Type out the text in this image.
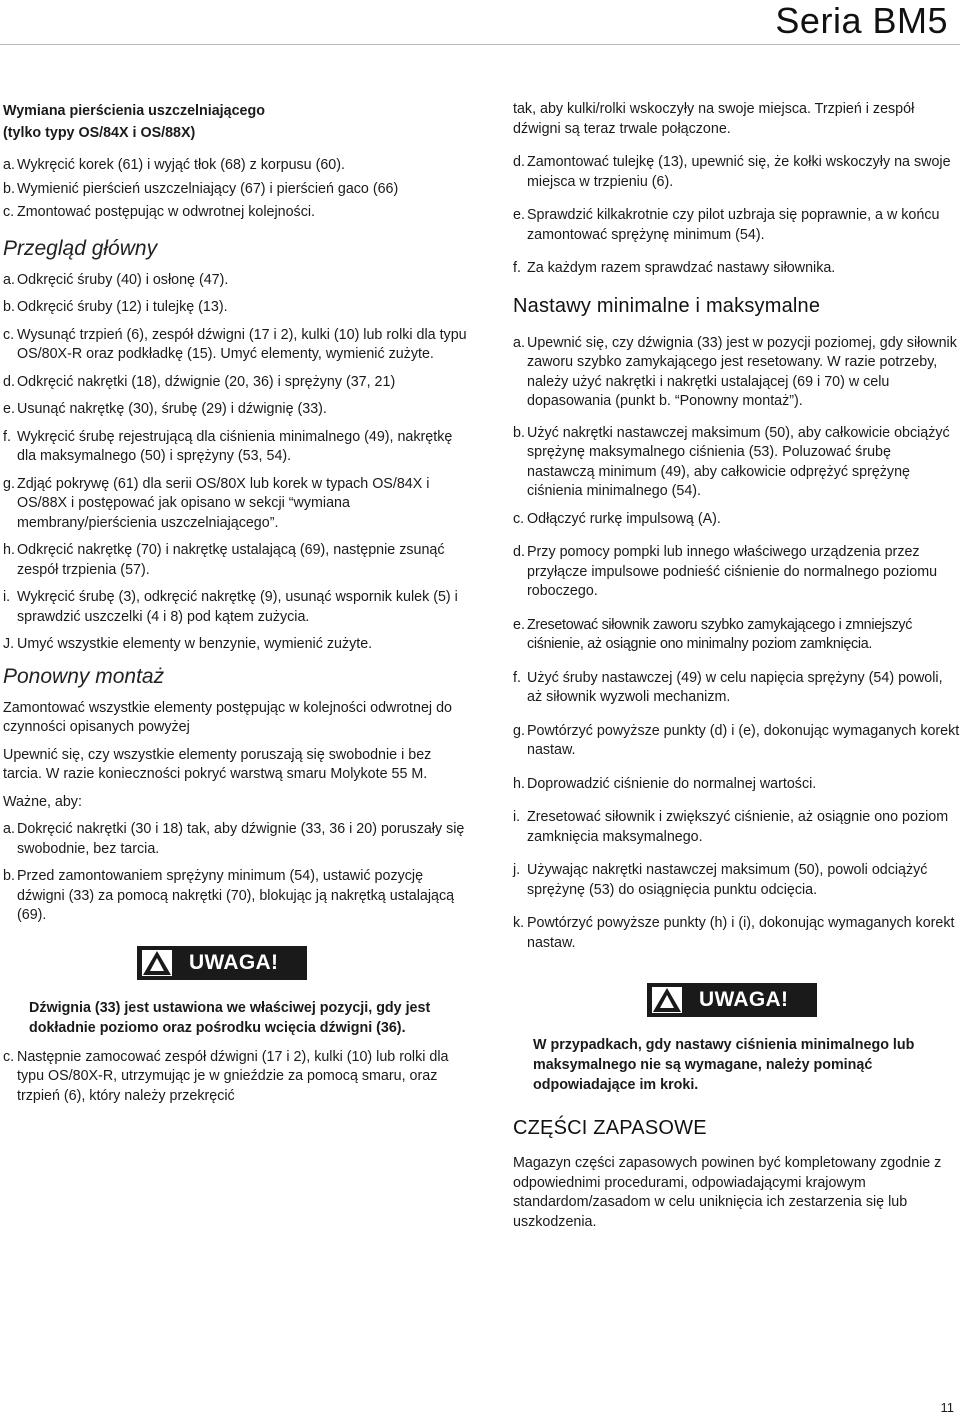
Seria BM5
Wymiana pierścienia uszczelniającego
(tylko typy OS/84X i OS/88X)
a. Wykręcić korek (61) i wyjąć tłok (68) z korpusu (60).
b. Wymienić pierścień uszczelniający (67) i pierścień gaco (66)
c. Zmontować postępując w odwrotnej kolejności.
Przegląd główny
a. Odkręcić śruby (40) i osłonę (47).
b. Odkręcić śruby (12) i tulejkę (13).
c. Wysunąć trzpień (6), zespół dźwigni (17 i 2), kulki (10) lub rolki dla typu OS/80X-R oraz podkładkę (15). Umyć elementy, wymienić zużyte.
d. Odkręcić nakrętki (18), dźwignie (20, 36) i sprężyny (37, 21)
e. Usunąć nakrętkę (30), śrubę (29) i dźwignię (33).
f. Wykręcić śrubę rejestrującą dla ciśnienia minimalnego (49), nakrętkę dla maksymalnego (50) i sprężyny (53, 54).
g. Zdjąć pokrywę (61) dla serii OS/80X lub korek w typach OS/84X i OS/88X i postępować jak opisano w sekcji “wymiana membrany/pierścienia uszczelniającego”.
h. Odkręcić nakrętkę (70) i nakrętkę ustalającą (69), następnie zsunąć zespół trzpienia (57).
i. Wykręcić śrubę (3), odkręcić nakrętkę (9), usunąć wspornik kulek (5) i sprawdzić uszczelki (4 i 8) pod kątem zużycia.
J. Umyć wszystkie elementy w benzynie, wymienić zużyte.
Ponowny montaż

Zamontować wszystkie elementy postępując w kolejności odwrotnej do czynności opisanych powyżej

Upewnić się, czy wszystkie elementy poruszają się swobodnie i bez tarcia. W razie konieczności pokryć warstwą smaru Molykote 55 M.

Ważne, aby:

a. Dokręcić nakrętki (30 i 18) tak, aby dźwignie (33, 36 i 20) poruszały się swobodnie, bez tarcia.
b. Przed zamontowaniem sprężyny minimum (54), ustawić pozycję dźwigni (33) za pomocą nakrętki (70), blokując ją nakrętką ustalającą (69).
UWAGA!
Dźwignia (33) jest ustawiona we właściwej pozycji, gdy jest dokładnie poziomo oraz pośrodku wcięcia dźwigni (36).
c. Następnie zamocować zespół dźwigni (17 i 2), kulki (10) lub rolki dla typu OS/80X-R, utrzymując je w gnieździe za pomocą smaru, oraz trzpień (6), który należy przekręcić

tak, aby kulki/rolki wskoczyły na swoje miejsca. Trzpień i zespół dźwigni są teraz trwale połączone.

d. Zamontować tulejkę (13), upewnić się, że kołki wskoczyły na swoje miejsca w trzpieniu (6).
e. Sprawdzić kilkakrotnie czy pilot uzbraja się poprawnie, a w końcu zamontować sprężynę minimum (54).
f. Za każdym razem sprawdzać nastawy siłownika.
Nastawy minimalne i maksymalne
a. Upewnić się, czy dźwignia (33) jest w pozycji poziomej, gdy siłownik zaworu szybko zamykającego jest resetowany. W razie potrzeby, należy użyć nakrętki i nakrętki ustalającej (69 i 70) w celu dopasowania (punkt b. “Ponowny montaż”).
b. Użyć nakrętki nastawczej maksimum (50), aby całkowicie obciążyć sprężynę maksymalnego ciśnienia (53). Poluzować śrubę nastawczą minimum (49), aby całkowicie odprężyć sprężynę ciśnienia minimalnego (54).
c. Odłączyć rurkę impulsową (A).
d. Przy pomocy pompki lub innego właściwego urządzenia przez przyłącze impulsowe podnieść ciśnienie do normalnego poziomu roboczego.
e. Zresetować siłownik zaworu szybko zamykającego i zmniejszyć ciśnienie, aż osiągnie ono minimalny poziom zamknięcia.
f. Użyć śruby nastawczej (49) w celu napięcia sprężyny (54) powoli, aż siłownik wyzwoli mechanizm.
g. Powtórzyć powyższe punkty (d) i (e), dokonując wymaganych korekt nastaw.
h. Doprowadzić ciśnienie do normalnej wartości.
i. Zresetować siłownik i zwiększyć ciśnienie, aż osiągnie ono poziom zamknięcia maksymalnego.
j. Używając nakrętki nastawczej maksimum (50), powoli odciążyć sprężynę (53) do osiągnięcia punktu odcięcia.
k. Powtórzyć powyższe punkty (h) i (i), dokonując wymaganych korekt nastaw.
UWAGA!
W przypadkach, gdy nastawy ciśnienia minimalnego lub maksymalnego nie są wymagane, należy pominąć odpowiadające im kroki.
CZĘŚCI ZAPASOWE

Magazyn części zapasowych powinen być kompletowany zgodnie z odpowiednimi procedurami, odpowiadającymi krajowym standardom/zasadom w celu uniknięcia ich zestarzenia się lub uszkodzenia.

11
